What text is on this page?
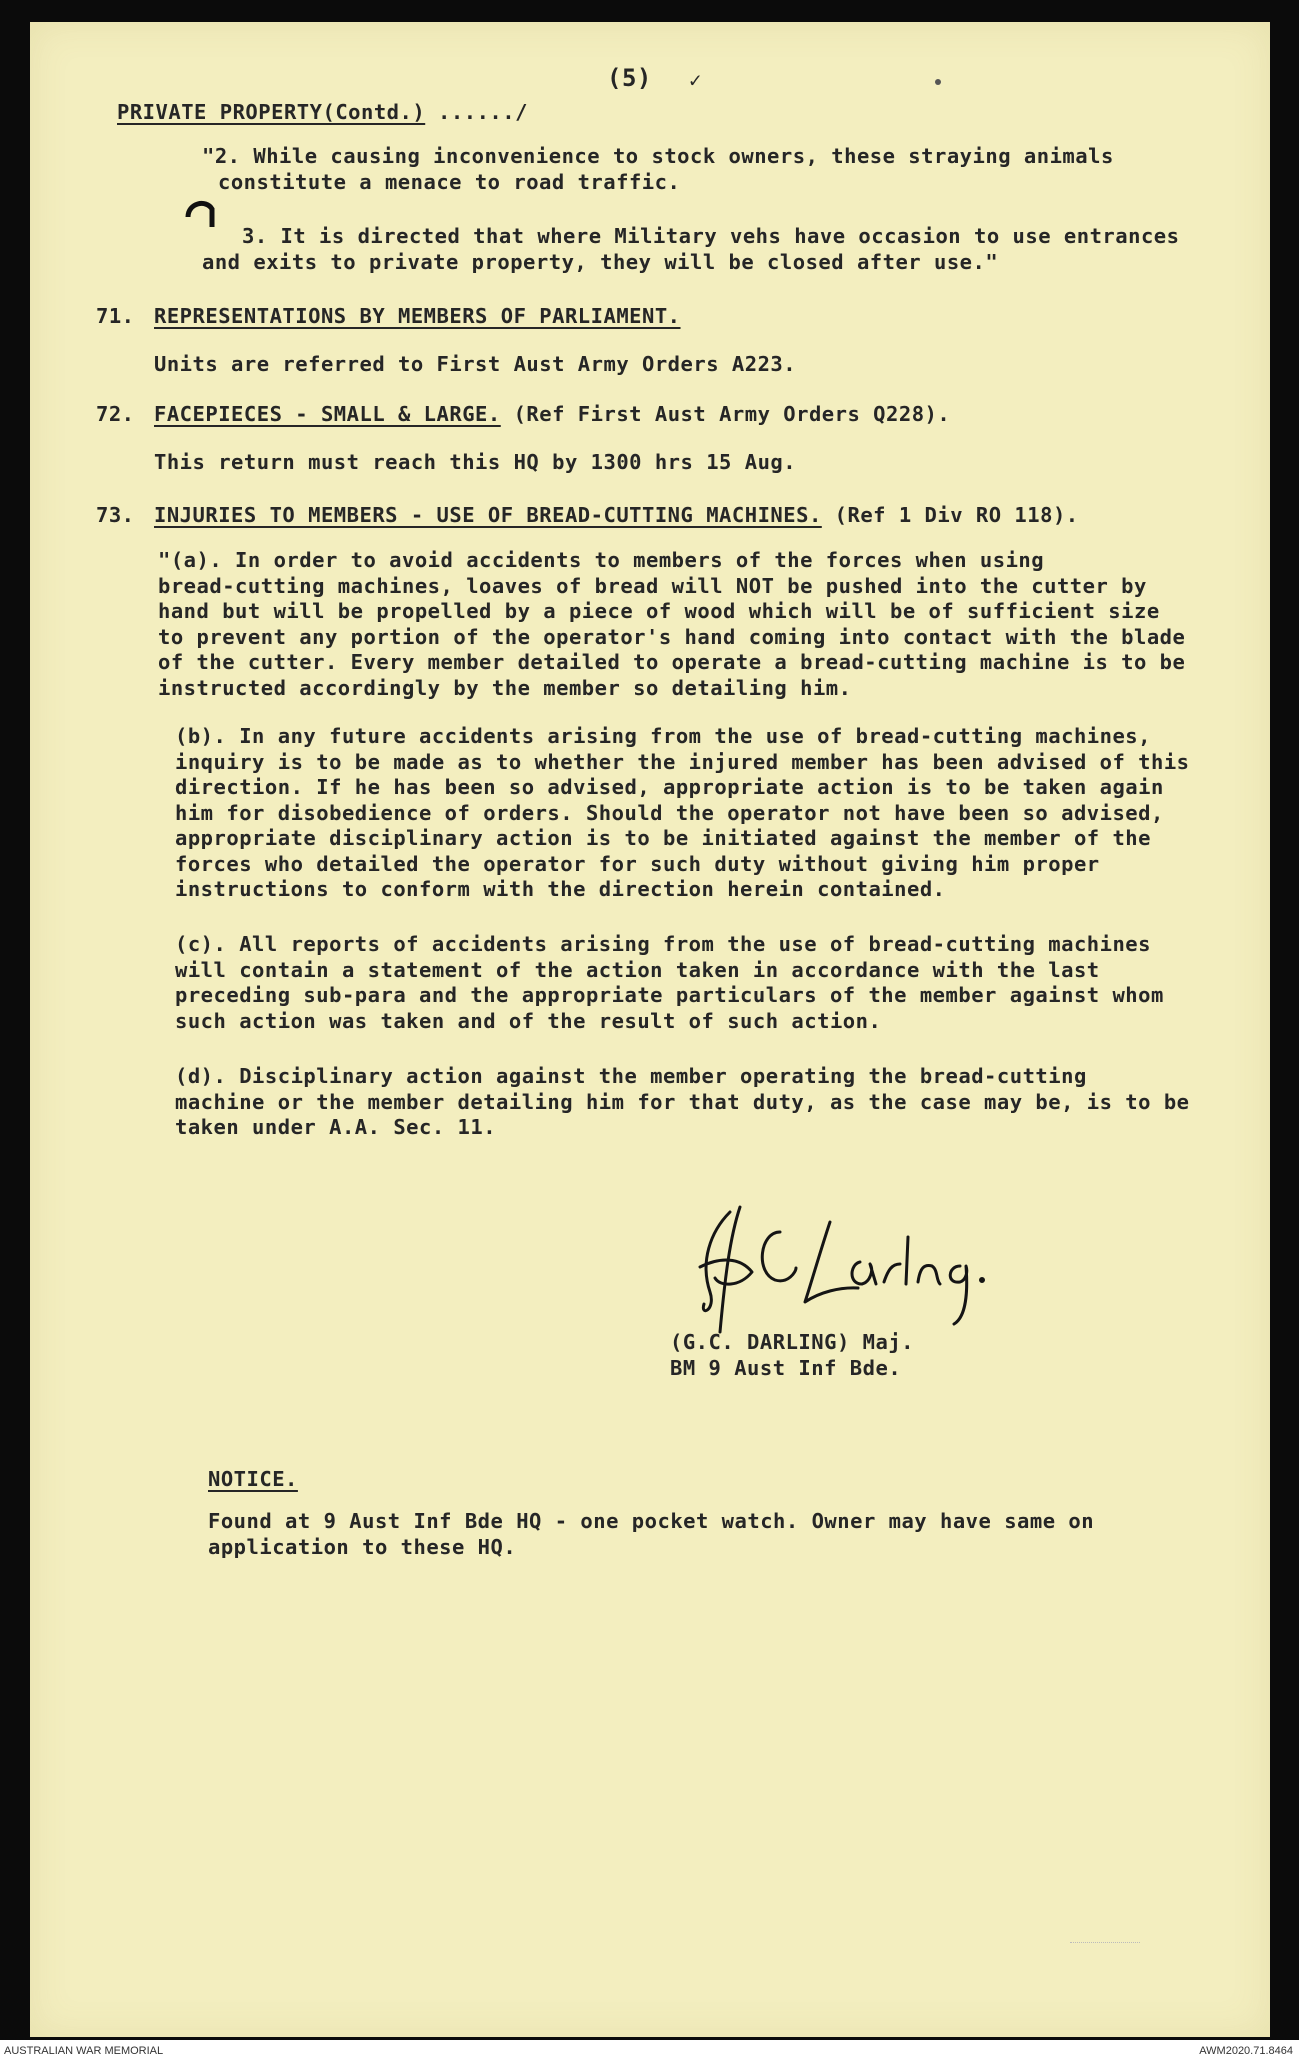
(5) ✓
PRIVATE PROPERTY(Contd.) ....../
"2. While causing inconvenience to stock owners, these straying animals
constitute a menace to road traffic.
3. It is directed that where Military vehs have occasion to use entrances
and exits to private property, they will be closed after use."
71. REPRESENTATIONS BY MEMBERS OF PARLIAMENT.
Units are referred to First Aust Army Orders A223.
72. FACEPIECES - SMALL & LARGE. (Ref First Aust Army Orders Q228).
This return must reach this HQ by 1300 hrs 15 Aug.
73. INJURIES TO MEMBERS - USE OF BREAD-CUTTING MACHINES. (Ref 1 Div RO 118).
"(a). In order to avoid accidents to members of the forces when using
bread-cutting machines, loaves of bread will NOT be pushed into the cutter by
hand but will be propelled by a piece of wood which will be of sufficient size
to prevent any portion of the operator's hand coming into contact with the blade
of the cutter. Every member detailed to operate a bread-cutting machine is to be
instructed accordingly by the member so detailing him.
(b). In any future accidents arising from the use of bread-cutting machines,
inquiry is to be made as to whether the injured member has been advised of this
direction. If he has been so advised, appropriate action is to be taken again
him for disobedience of orders. Should the operator not have been so advised,
appropriate disciplinary action is to be initiated against the member of the
forces who detailed the operator for such duty without giving him proper
instructions to conform with the direction herein contained.
(c). All reports of accidents arising from the use of bread-cutting machines
will contain a statement of the action taken in accordance with the last
preceding sub-para and the appropriate particulars of the member against whom
such action was taken and of the result of such action.
(d). Disciplinary action against the member operating the bread-cutting
machine or the member detailing him for that duty, as the case may be, is to be
taken under A.A. Sec. 11.
(G.C. DARLING) Maj.
BM 9 Aust Inf Bde.
NOTICE.
Found at 9 Aust Inf Bde HQ - one pocket watch. Owner may have same on
application to these HQ.
AUSTRALIAN WAR MEMORIAL	AWM2020.71.8464
